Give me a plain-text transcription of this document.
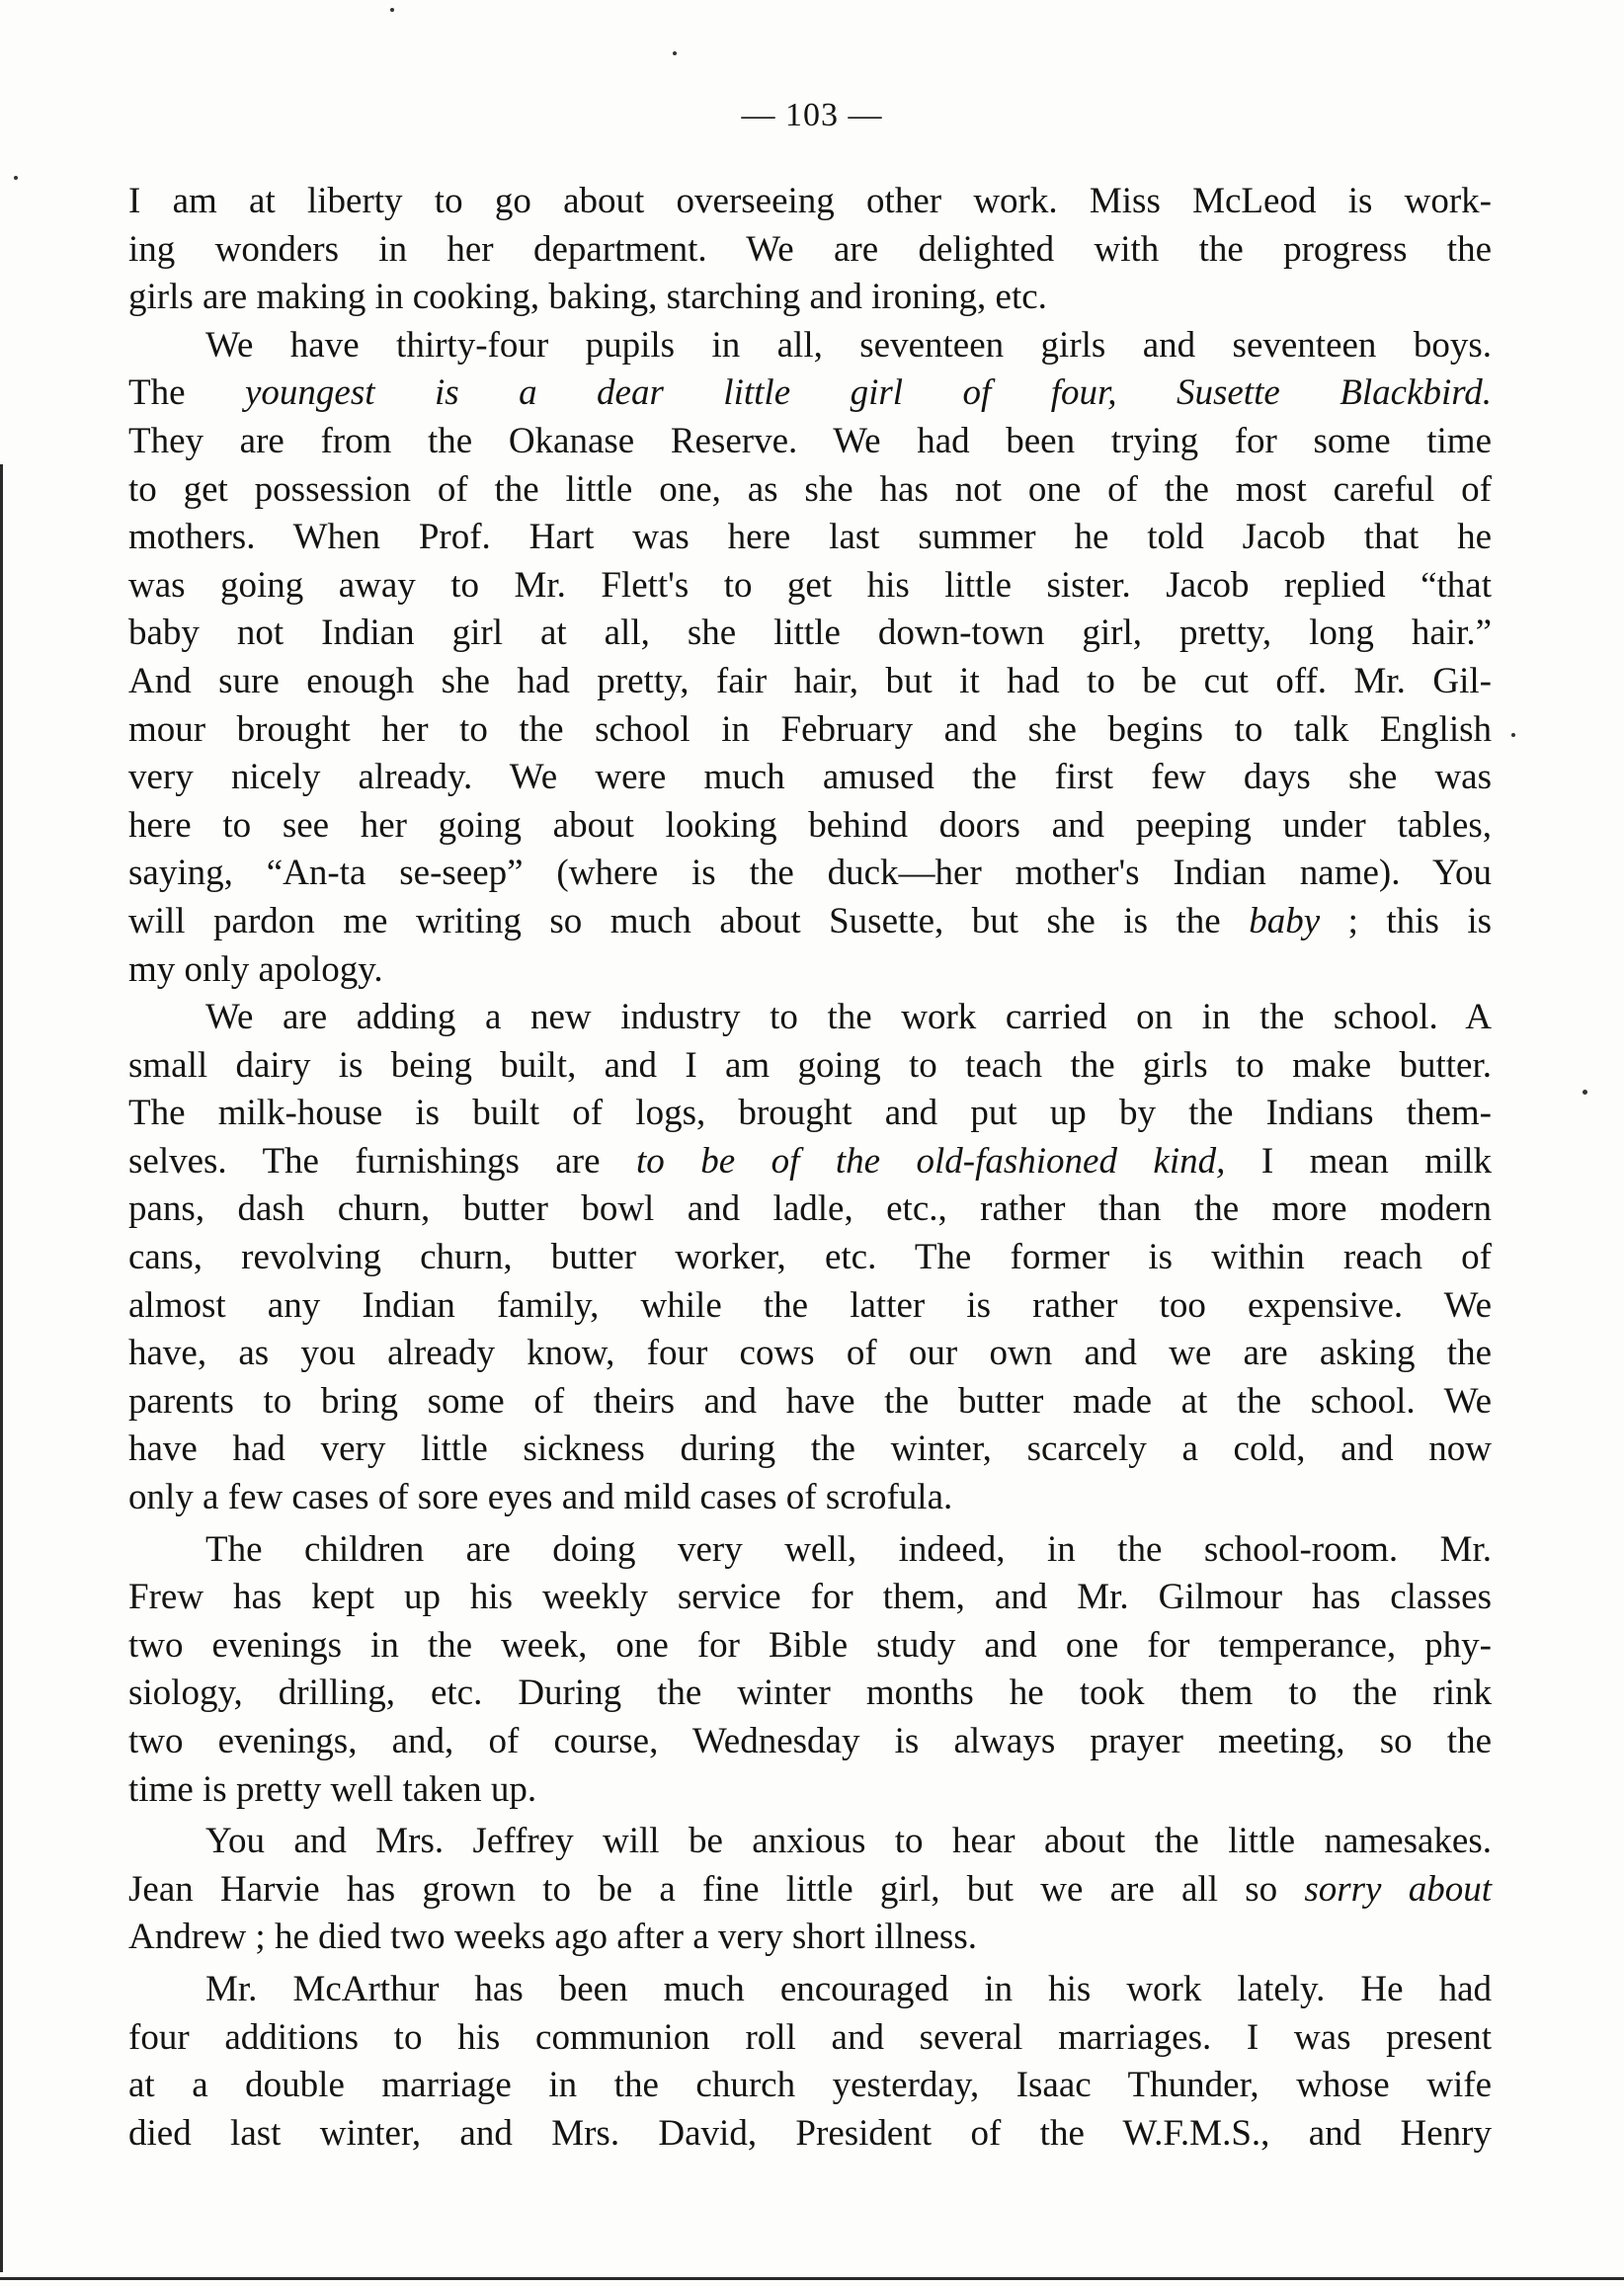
— 103 —
I am at liberty to go about overseeing other work. Miss McLeod is work-
ing wonders in her department. We are delighted with the progress the
girls are making in cooking, baking, starching and ironing, etc.
We have thirty-four pupils in all, seventeen girls and seventeen boys.
The youngest is a dear little girl of four, Susette Blackbird.
They are from the Okanase Reserve. We had been trying for some time
to get possession of the little one, as she has not one of the most careful of
mothers. When Prof. Hart was here last summer he told Jacob that he
was going away to Mr. Flett's to get his little sister. Jacob replied “that
baby not Indian girl at all, she little down-town girl, pretty, long hair.”
And sure enough she had pretty, fair hair, but it had to be cut off. Mr. Gil-
mour brought her to the school in February and she begins to talk English
very nicely already. We were much amused the first few days she was
here to see her going about looking behind doors and peeping under tables,
saying, “An-ta se-seep” (where is the duck—her mother's Indian name). You
will pardon me writing so much about Susette, but she is the baby ; this is
my only apology.
We are adding a new industry to the work carried on in the school. A
small dairy is being built, and I am going to teach the girls to make butter.
The milk-house is built of logs, brought and put up by the Indians them-
selves. The furnishings are to be of the old-fashioned kind, I mean milk
pans, dash churn, butter bowl and ladle, etc., rather than the more modern
cans, revolving churn, butter worker, etc. The former is within reach of
almost any Indian family, while the latter is rather too expensive. We
have, as you already know, four cows of our own and we are asking the
parents to bring some of theirs and have the butter made at the school. We
have had very little sickness during the winter, scarcely a cold, and now
only a few cases of sore eyes and mild cases of scrofula.
The children are doing very well, indeed, in the school-room. Mr.
Frew has kept up his weekly service for them, and Mr. Gilmour has classes
two evenings in the week, one for Bible study and one for temperance, phy-
siology, drilling, etc. During the winter months he took them to the rink
two evenings, and, of course, Wednesday is always prayer meeting, so the
time is pretty well taken up.
You and Mrs. Jeffrey will be anxious to hear about the little namesakes.
Jean Harvie has grown to be a fine little girl, but we are all so sorry about
Andrew ; he died two weeks ago after a very short illness.
Mr. McArthur has been much encouraged in his work lately. He had
four additions to his communion roll and several marriages. I was present
at a double marriage in the church yesterday, Isaac Thunder, whose wife
died last winter, and Mrs. David, President of the W.F.M.S., and Henry
